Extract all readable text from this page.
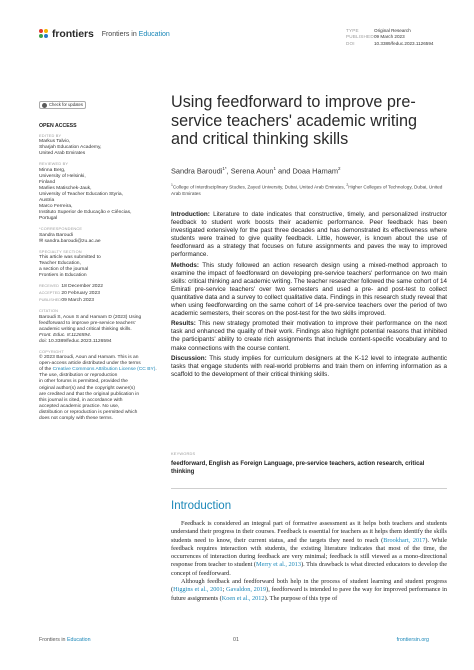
frontiers Frontiers in Education	TYPE	Original Research
PUBLISHED09 March 2023
DOI	10.3389/feduc.2023.1126594
Check for updates
OPEN ACCESS
EDITED BY
Markus Talvio,
Sharjah Education Academy,
United Arab Emirates
REVIEWED BY
Minna Berg,
University of Helsinki,
Finland
Marlies Matischek-Jauk,
University of Teacher Education Styria,
Austria
Marco Ferreira,
Instituto Superior de Educação e Ciências,
Portugal
*CORRESPONDENCE
Sandra Baroudi
✉ sandra.baroudi@zu.ac.ae
SPECIALTY SECTION
This article was submitted to
Teacher Education,
a section of the journal
Frontiers in Education
RECEIVED 18 December 2022
ACCEPTED 20 February 2023
PUBLISHED 09 March 2023
CITATION
Baroudi S, Aoun S and Hamam D (2023) Using
feedforward to improve pre-service teachers'
academic writing and critical thinking skills.
Front. Educ. 8:1126594.
doi: 10.3389/feduc.2023.1126594
COPYRIGHT
© 2023 Baroudi, Aoun and Hamam. This is an
open-access article distributed under the terms
of the Creative Commons Attribution License (CC BY). The use, distribution or reproduction
in other forums is permitted, provided the
original author(s) and the copyright owner(s)
are credited and that the original publication in
this journal is cited, in accordance with
accepted academic practice. No use,
distribution or reproduction is permitted which
does not comply with these terms.
Using feedforward to improve pre-service teachers' academic writing and critical thinking skills
Sandra Baroudi$^{1*}$, Serena Aoun$^1$ and Doaa Hamam$^2$
$^1$College of Interdisciplinary Studies, Zayed University, Dubai, United Arab Emirates, $^2$Higher Colleges of Technology, Dubai, United Arab Emirates

Introduction: Literature to date indicates that constructive, timely, and personalized instructor feedback to student work boosts their academic performance. Peer feedback has been investigated extensively for the past three decades and has demonstrated its effectiveness where students were trained to give quality feedback. Little, however, is known about the use of feedforward as a strategy that focuses on future assignments and paves the way to improved performance.

Methods: This study followed an action research design using a mixed-method approach to examine the impact of feedforward on developing pre-service teachers' performance on two main skills: critical thinking and academic writing. The teacher researcher followed the same cohort of 14 Emirati pre-service teachers' over two semesters and used a pre- and post-test to collect quantitative data and a survey to collect qualitative data. Findings in this research study reveal that when using feedforwarding on the same cohort of 14 pre-service teachers over the period of two academic semesters, their scores on the post-test for the two skills improved.

Results: This new strategy promoted their motivation to improve their performance on the next task and enhanced the quality of their work. Findings also highlight potential reasons that inhibited the participants' ability to create rich assignments that include content-specific vocabulary and to make connections with the course content.

Discussion: This study implies for curriculum designers at the K-12 level to integrate authentic tasks that engage students with real-world problems and train them on inferring information as a scaffold to the development of their critical thinking skills.

KEYWORDS
feedforward, English as Foreign Language, pre-service teachers, action research, critical thinking
Introduction

Feedback is considered an integral part of formative assessment as it helps both teachers and students understand their progress in their courses. Feedback is essential for teachers as it helps them identify the skills students need to know, their current status, and the targets they need to reach (Brookhart, 2017). While feedback requires interaction with students, the existing literature indicates that most of the time, the occurrences of interaction during feedback are very minimal; feedback is still viewed as a mono-directional response from teacher to student (Merry et al., 2013). This drawback is what directed educators to develop the concept of feedforward.

Although feedback and feedforward both help in the process of student learning and student progress (Higgins et al., 2001; Gavaldon, 2019), feedforward is intended to pave the way for improved performance in future assignments (Koen et al., 2012). The purpose of this type of

Frontiers in Education	01	frontiersin.org
